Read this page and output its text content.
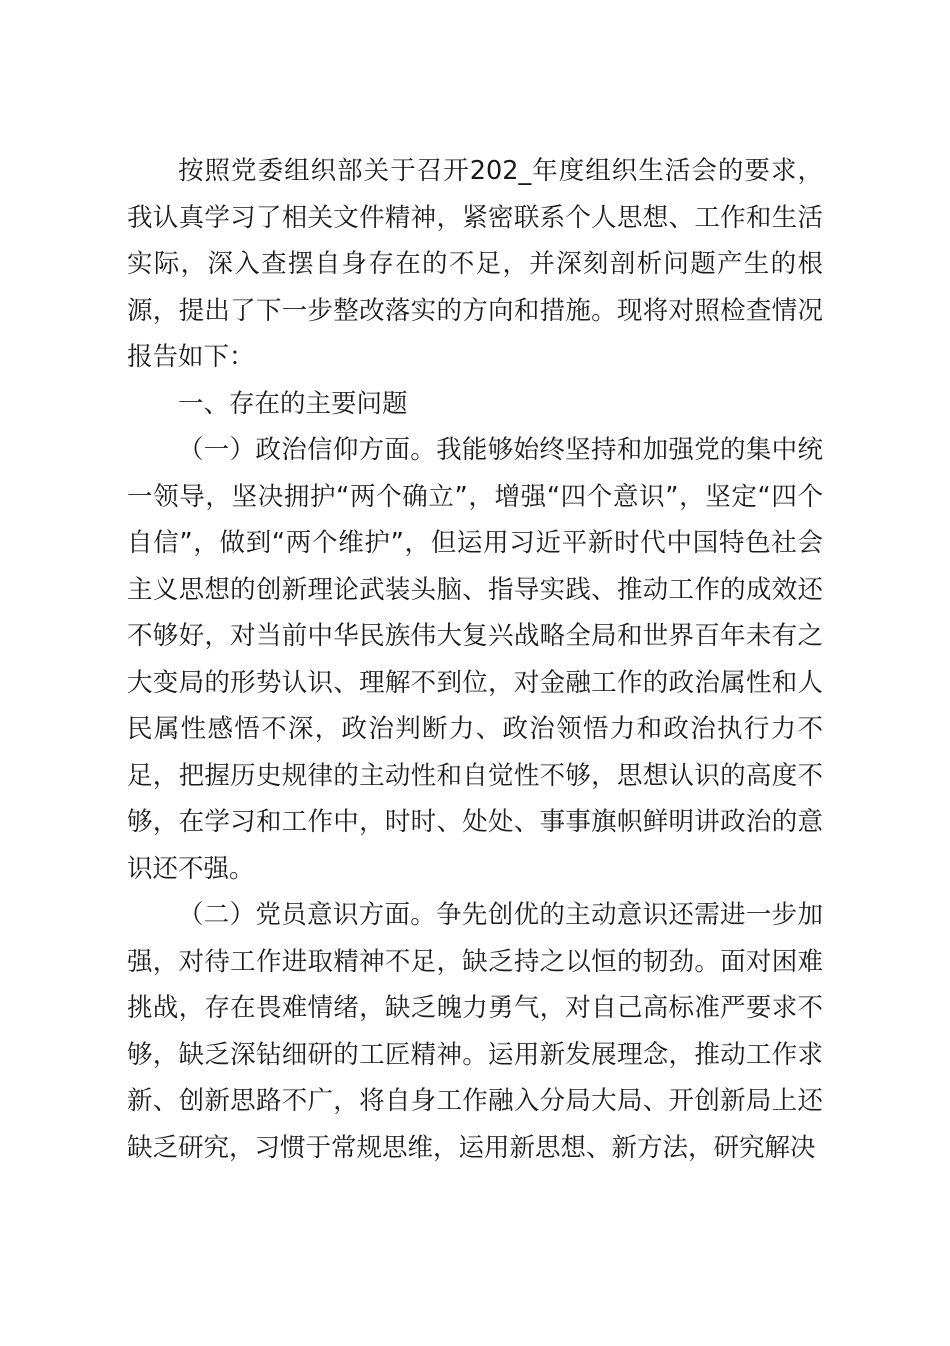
按照党委组织部关于召开202_年度组织生活会的要求，我认真学习了相关文件精神，紧密联系个人思想、工作和生活实际，深入查摆自身存在的不足，并深刻剖析问题产生的根源，提出了下一步整改落实的方向和措施。现将对照检查情况报告如下：

一、存在的主要问题

（一）政治信仰方面。我能够始终坚持和加强党的集中统一领导，坚决拥护“两个确立”，增强“四个意识”，坚定“四个自信”，做到“两个维护”，但运用习近平新时代中国特色社会主义思想的创新理论武装头脑、指导实践、推动工作的成效还不够好，对当前中华民族伟大复兴战略全局和世界百年未有之大变局的形势认识、理解不到位，对金融工作的政治属性和人民属性感悟不深，政治判断力、政治领悟力和政治执行力不足，把握历史规律的主动性和自觉性不够，思想认识的高度不够，在学习和工作中，时时、处处、事事旗帜鲜明讲政治的意识还不强。

（二）党员意识方面。争先创优的主动意识还需进一步加强，对待工作进取精神不足，缺乏持之以恒的韧劲。面对困难挑战，存在畏难情绪，缺乏魄力勇气，对自己高标准严要求不够，缺乏深钻细研的工匠精神。运用新发展理念，推动工作求新、创新思路不广，将自身工作融入分局大局、开创新局上还缺乏研究，习惯于常规思维，运用新思想、新方法，研究解决
